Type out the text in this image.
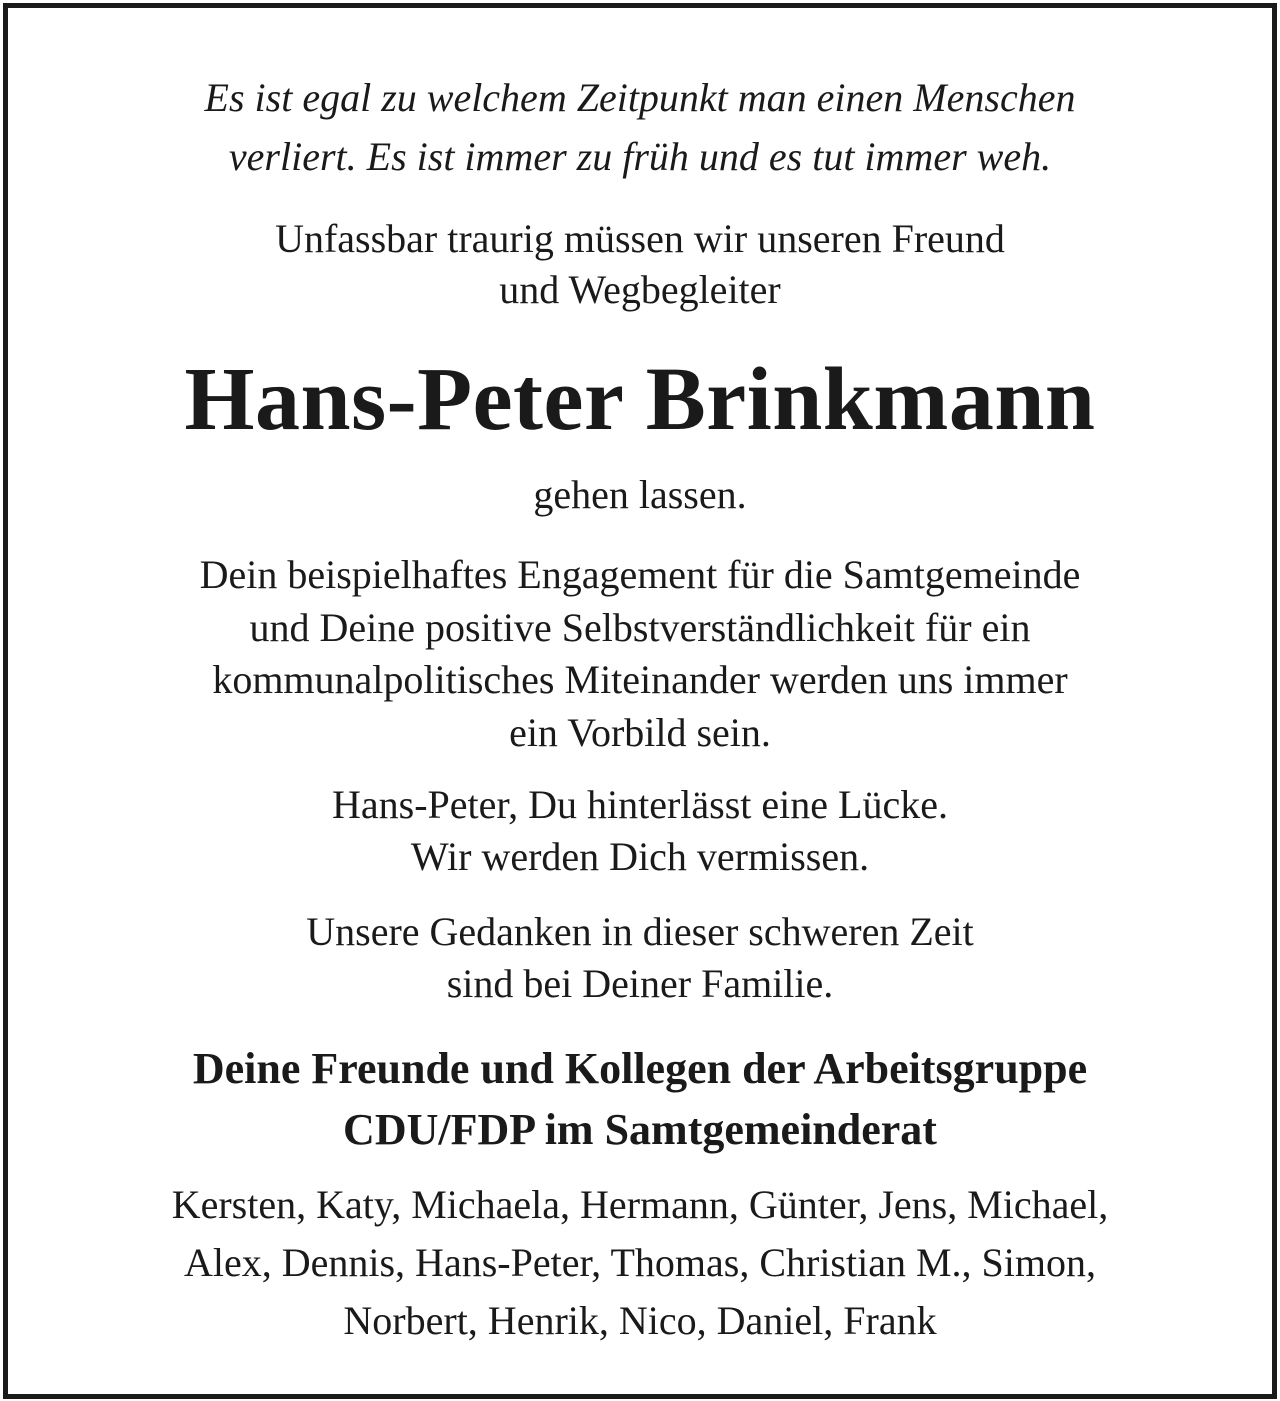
Es ist egal zu welchem Zeitpunkt man einen Menschen
verliert. Es ist immer zu früh und es tut immer weh.

Unfassbar traurig müssen wir unseren Freund
und Wegbegleiter

Hans-Peter Brinkmann

gehen lassen.

Dein beispielhaftes Engagement für die Samtgemeinde
und Deine positive Selbstverständlichkeit für ein
kommunalpolitisches Miteinander werden uns immer
ein Vorbild sein.

Hans-Peter, Du hinterlässt eine Lücke.
Wir werden Dich vermissen.

Unsere Gedanken in dieser schweren Zeit
sind bei Deiner Familie.

Deine Freunde und Kollegen der Arbeitsgruppe
CDU/FDP im Samtgemeinderat

Kersten, Katy, Michaela, Hermann, Günter, Jens, Michael,
Alex, Dennis, Hans-Peter, Thomas, Christian M., Simon,
Norbert, Henrik, Nico, Daniel, Frank
